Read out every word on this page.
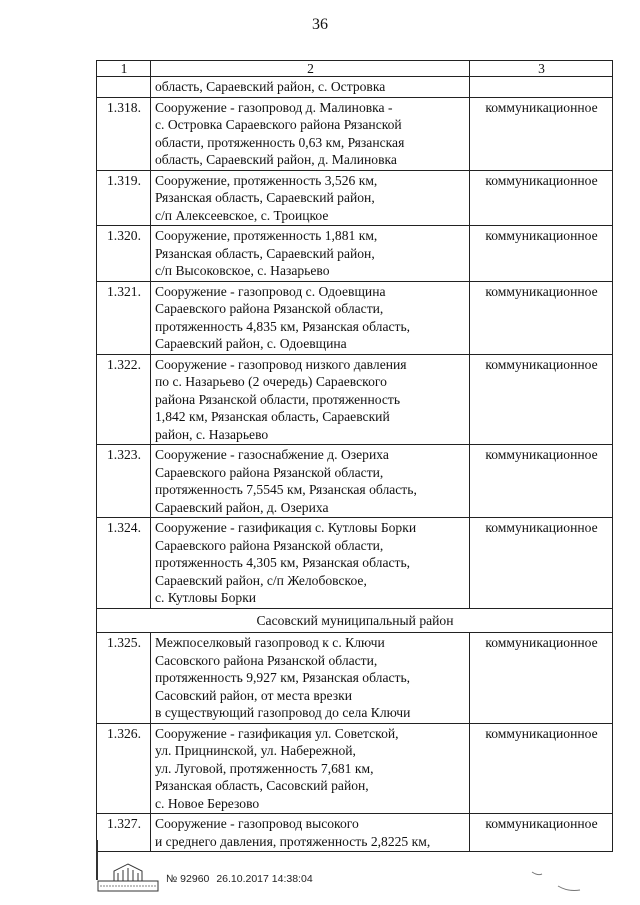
36
1	2	3
	область, Сараевский район, с. Островка	
1.318.	Сооружение - газопровод д. Малиновка -
с. Островка Сараевского района Рязанской
области, протяженность 0,63 км, Рязанская
область, Сараевский район, д. Малиновка	коммуникационное
1.319.	Сооружение, протяженность 3,526 км,
Рязанская область, Сараевский район,
с/п Алексеевское, с. Троицкое	коммуникационное
1.320.	Сооружение, протяженность 1,881 км,
Рязанская область, Сараевский район,
с/п Высоковское, с. Назарьево	коммуникационное
1.321.	Сооружение - газопровод с. Одоевщина
Сараевского района Рязанской области,
протяженность 4,835 км, Рязанская область,
Сараевский район, с. Одоевщина	коммуникационное
1.322.	Сооружение - газопровод низкого давления
по с. Назарьево (2 очередь) Сараевского
района Рязанской области, протяженность
1,842 км, Рязанская область, Сараевский
район, с. Назарьево	коммуникационное
1.323.	Сооружение - газоснабжение д. Озериха
Сараевского района Рязанской области,
протяженность 7,5545 км, Рязанская область,
Сараевский район, д. Озериха	коммуникационное
1.324.	Сооружение - газификация с. Кутловы Борки
Сараевского района Рязанской области,
протяженность 4,305 км, Рязанская область,
Сараевский район, с/п Желобовское,
с. Кутловы Борки	коммуникационное
Сасовский муниципальный район		
1.325.	Межпоселковый газопровод к с. Ключи
Сасовского района Рязанской области,
протяженность 9,927 км, Рязанская область,
Сасовский район, от места врезки
в существующий газопровод до села Ключи	коммуникационное
1.326.	Сооружение - газификация ул. Советской,
ул. Прицнинской, ул. Набережной,
ул. Луговой, протяженность 7,681 км,
Рязанская область, Сасовский район,
с. Новое Березово	коммуникационное
1.327.	Сооружение - газопровод высокого
и среднего давления, протяженность 2,8225 км,	коммуникационное
№ 92960 26.10.2017 14:38:04
